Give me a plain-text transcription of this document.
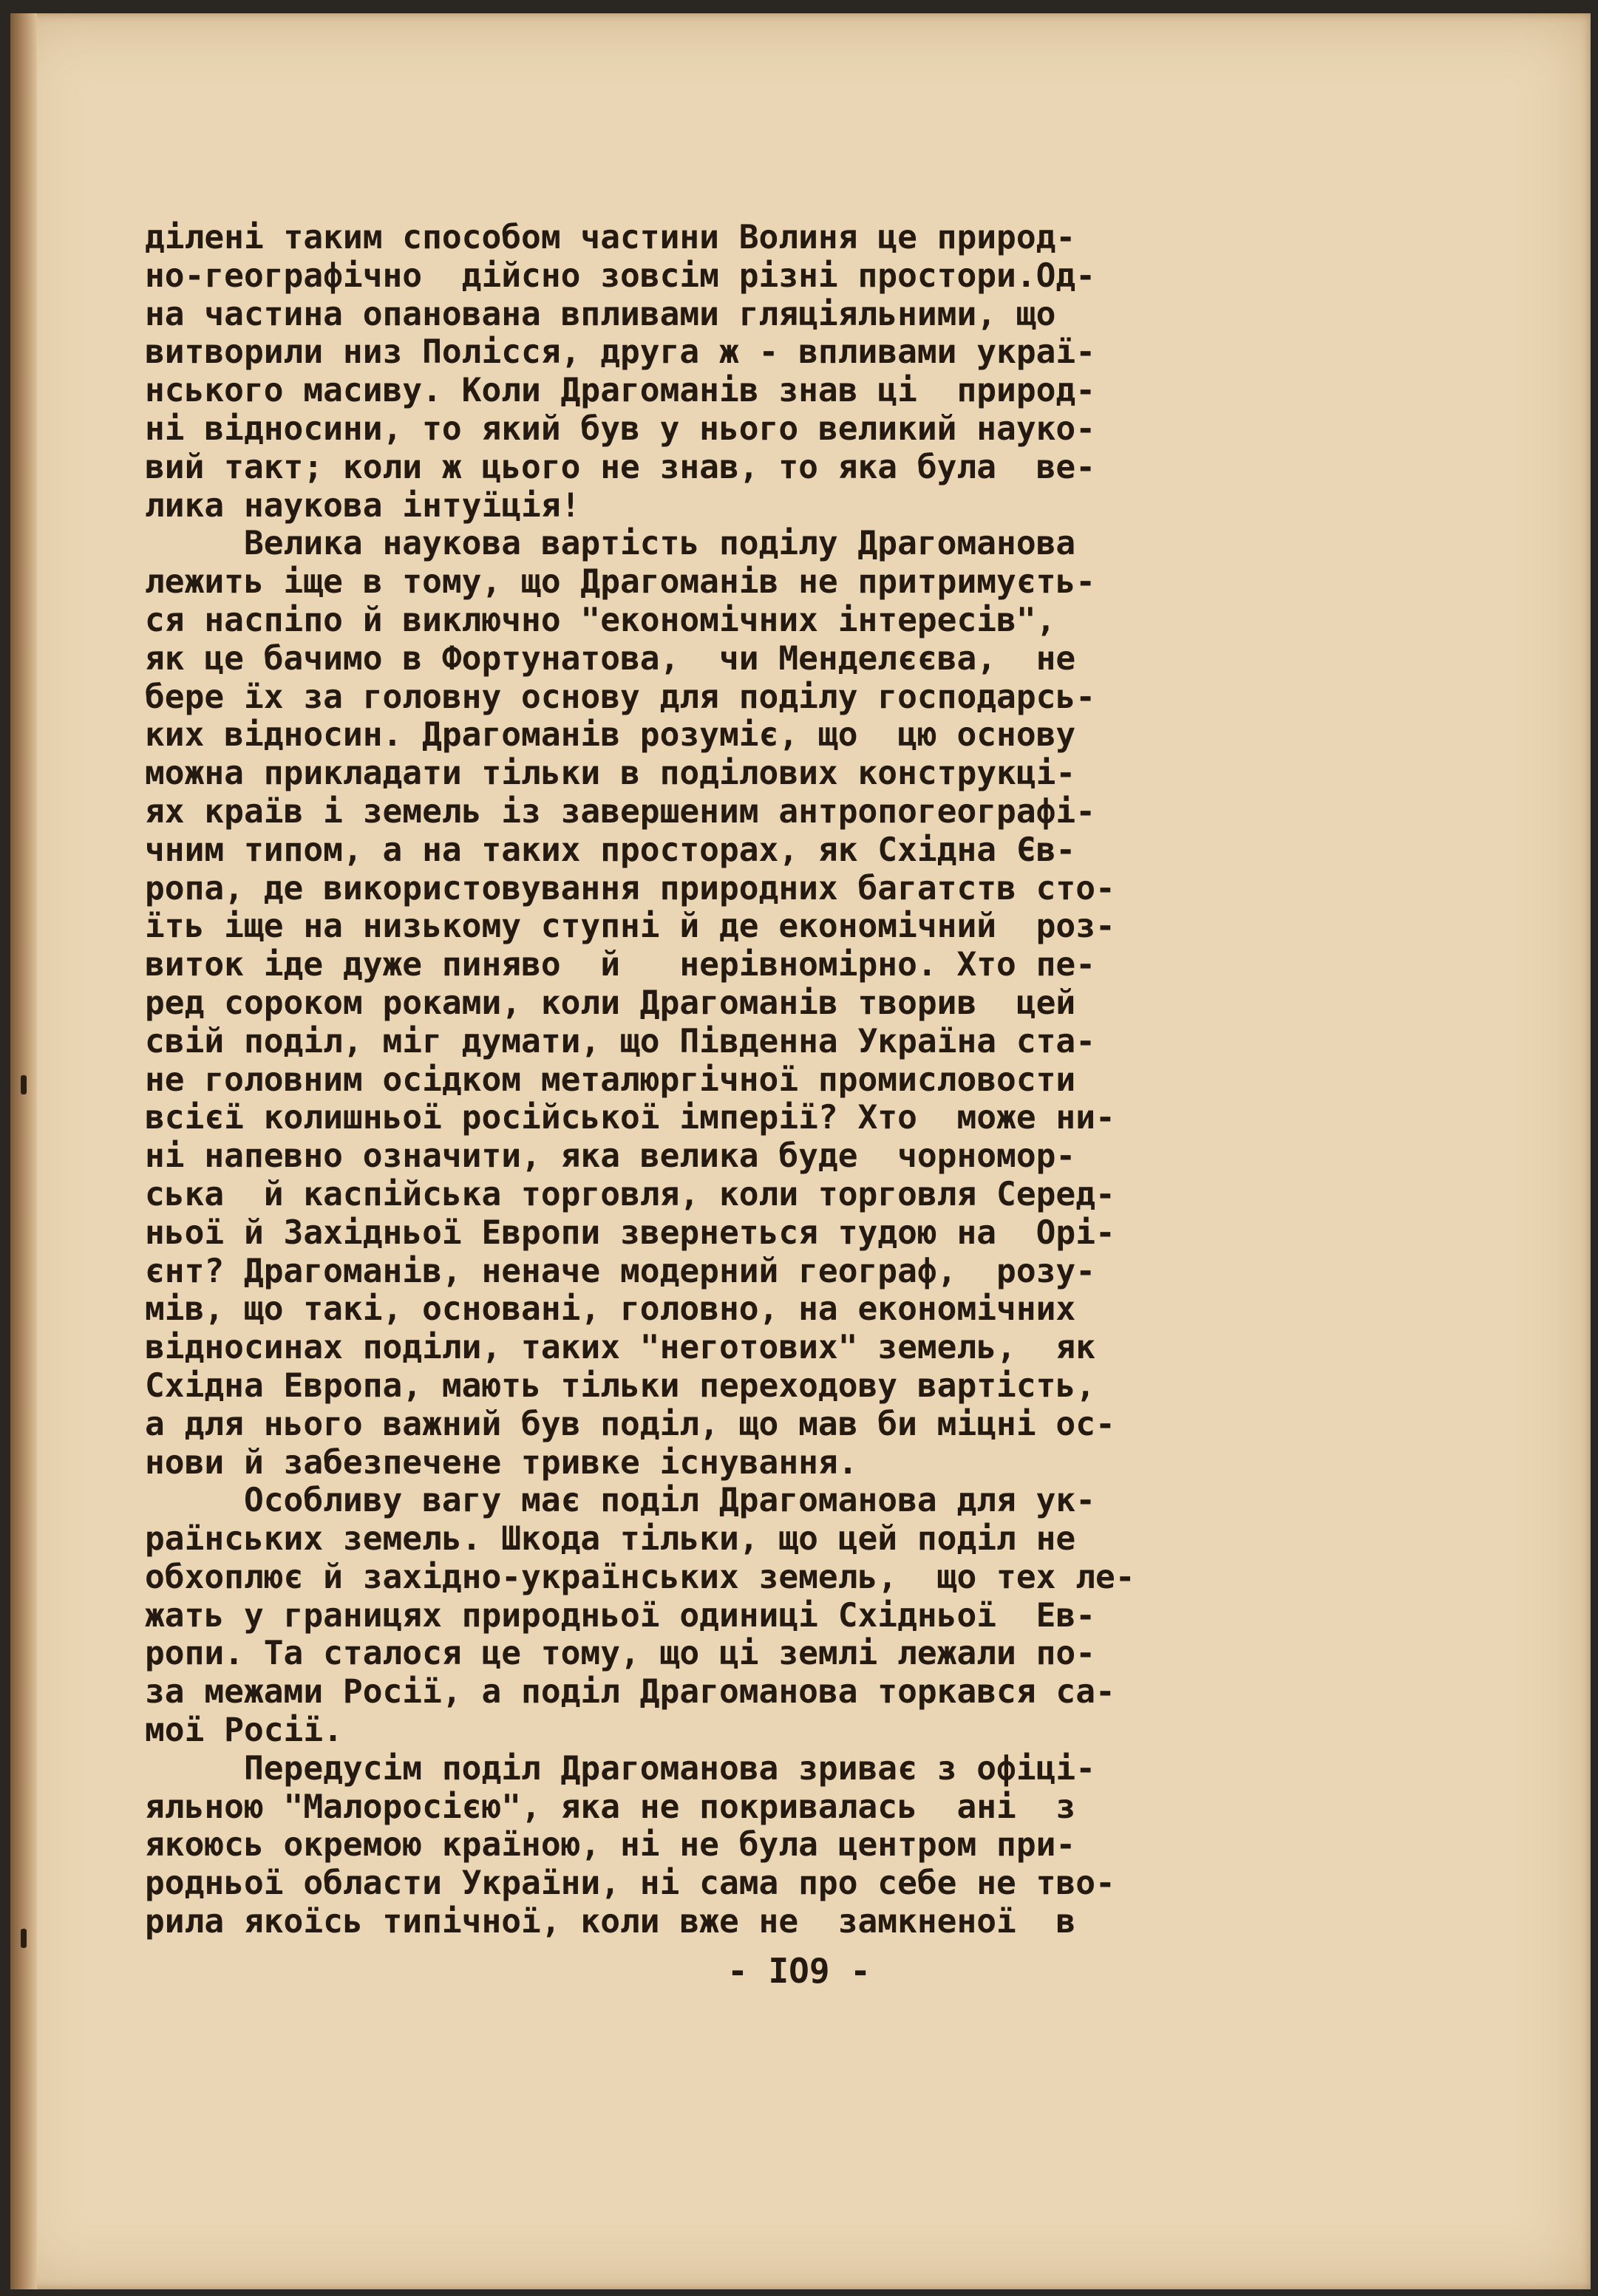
ділені таким способом частини Волиня це природ-
но-географічно  дійсно зовсім різні простори.Од-
на частина опанована впливами гляціяльними, що
витворили низ Полісся, друга ж - впливами украї-
нського масиву. Коли Драгоманів знав ці  природ-
ні відносини, то який був у нього великий науко-
вий такт; коли ж цього не знав, то яка була  ве-
лика наукова інтуїція!
Велика наукова вартість поділу Драгоманова
лежить іще в тому, що Драгоманів не притримуєть-
ся наспіпо й виключно "економічних інтересів",
як це бачимо в Фортунатова,  чи Менделєєва,  не
бере їх за головну основу для поділу господарсь-
ких відносин. Драгоманів розуміє, що  цю основу
можна прикладати тільки в поділових конструкці-
ях країв і земель із завершеним антропогеографі-
чним типом, а на таких просторах, як Східна Єв-
ропа, де використовування природних багатств сто-
їть іще на низькому ступні й де економічний  роз-
виток іде дуже пиняво  й   нерівномірно. Хто пе-
ред сороком роками, коли Драгоманів творив  цей
свій поділ, міг думати, що Південна Україна ста-
не головним осідком металюргічної промисловости
всієї колишньої російської імперії? Хто  може ни-
ні напевно означити, яка велика буде  чорномор-
ська  й каспійська торговля, коли торговля Серед-
ньої й Західньої Европи звернеться тудою на  Орі-
єнт? Драгоманів, неначе модерний географ,  розу-
мів, що такі, основані, головно, на економічних
відносинах поділи, таких "неготових" земель,  як
Східна Европа, мають тільки переходову вартість,
а для нього важний був поділ, що мав би міцні ос-
нови й забезпечене тривке існування.
Особливу вагу має поділ Драгоманова для ук-
раїнських земель. Шкода тільки, що цей поділ не
обхоплює й західно-українських земель,  що тех ле-
жать у границях природньої одиниці Східньої  Ев-
ропи. Та сталося це тому, що ці землі лежали по-
за межами Росії, а поділ Драгоманова торкався са-
мої Росії.
Передусім поділ Драгоманова зриває з офіці-
яльною "Малоросією", яка не покривалась  ані  з
якоюсь окремою країною, ні не була центром при-
родньої области України, ні сама про себе не тво-
рила якоїсь типічної, коли вже не  замкненої  в
- IO9 -
